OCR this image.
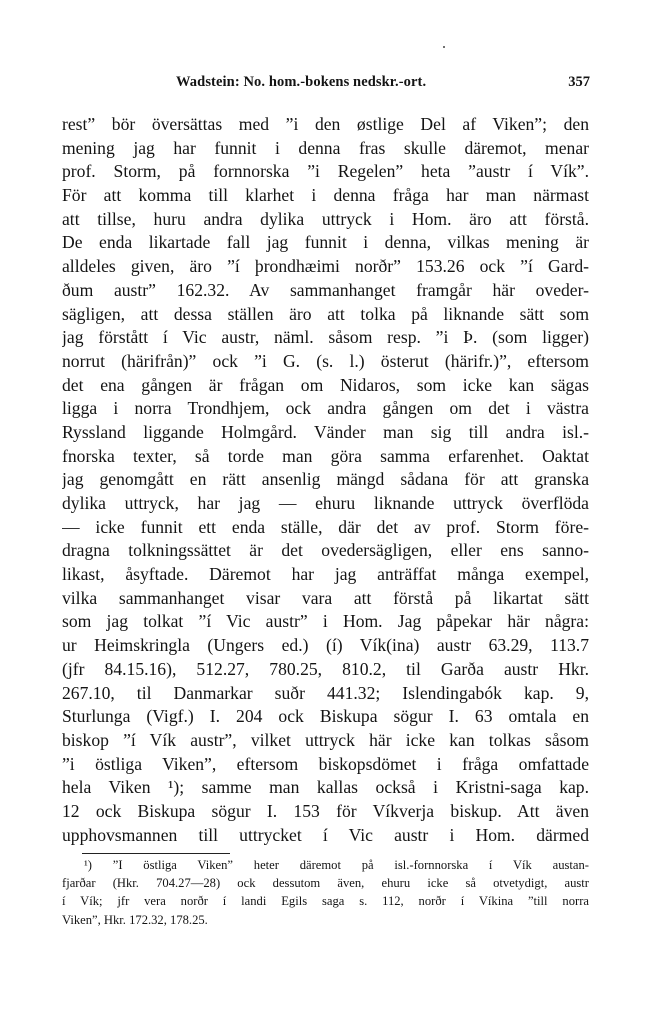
Wadstein: No. hom.-bokens nedskr.-ort.	357
rest” bör översättas med ”i den østlige Del af Viken”; den
mening jag har funnit i denna fras skulle däremot, menar
prof. Storm, på fornnorska ”i Regelen” heta ”austr í Vík”.
För att komma till klarhet i denna fråga har man närmast
att tillse, huru andra dylika uttryck i Hom. äro att förstå.
De enda likartade fall jag funnit i denna, vilkas mening är
alldeles given, äro ”í þrondhæimi norðr” 153.26 ock ”í Gard-
ðum austr” 162.32. Av sammanhanget framgår här oveder-
sägligen, att dessa ställen äro att tolka på liknande sätt som
jag förstått í Vic austr, näml. såsom resp. ”i Þ. (som ligger)
norrut (härifrån)” ock ”i G. (s. l.) österut (härifr.)”, eftersom
det ena gången är frågan om Nidaros, som icke kan sägas
ligga i norra Trondhjem, ock andra gången om det i västra
Ryssland liggande Holmgård. Vänder man sig till andra isl.-
fnorska texter, så torde man göra samma erfarenhet. Oaktat
jag genomgått en rätt ansenlig mängd sådana för att granska
dylika uttryck, har jag — ehuru liknande uttryck överflöda
— icke funnit ett enda ställe, där det av prof. Storm före-
dragna tolkningssättet är det ovedersägligen, eller ens sanno-
likast, åsyftade. Däremot har jag anträffat många exempel,
vilka sammanhanget visar vara att förstå på likartat sätt
som jag tolkat ”í Vic austr” i Hom. Jag påpekar här några:
ur Heimskringla (Ungers ed.) (í) Vík(ina) austr 63.29, 113.7
(jfr 84.15.16), 512.27, 780.25, 810.2, til Garða austr Hkr.
267.10, til Danmarkar suðr 441.32; Islendingabók kap. 9,
Sturlunga (Vigf.) I. 204 ock Biskupa sögur I. 63 omtala en
biskop ”í Vík austr”, vilket uttryck här icke kan tolkas såsom
”i östliga Viken”, eftersom biskopsdömet i fråga omfattade
hela Viken ¹); samme man kallas också i Kristni-saga kap.
12 ock Biskupa sögur I. 153 för Víkverja biskup. Att även
upphovsmannen till uttrycket í Vic austr i Hom. därmed
¹) ”I östliga Viken” heter däremot på isl.-fornnorska í Vík austan-
fjarðar (Hkr. 704.27—28) ock dessutom även, ehuru icke så otvetydigt, austr
í Vík; jfr vera norðr í landi Egils saga s. 112, norðr í Víkina ”till norra
Viken”, Hkr. 172.32, 178.25.
